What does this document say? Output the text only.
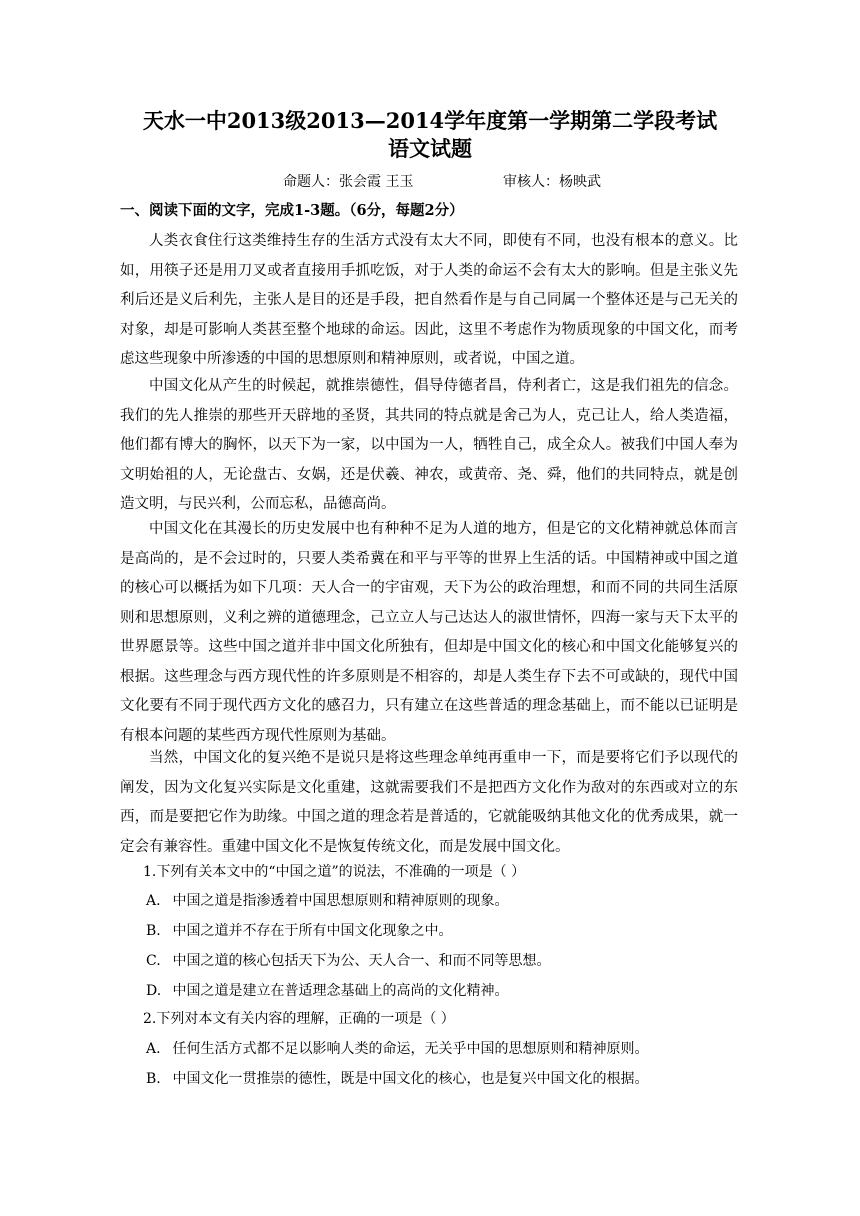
天水一中2013级2013—2014学年度第一学期第二学段考试
语文试题
命题人：张会霞 王玉	审核人：杨映武
一、阅读下面的文字，完成1-3题。（6分，每题2分）

人类衣食住行这类维持生存的生活方式没有太大不同，即使有不同，也没有根本的意义。比如，用筷子还是用刀叉或者直接用手抓吃饭，对于人类的命运不会有太大的影响。但是主张义先利后还是义后利先，主张人是目的还是手段，把自然看作是与自己同属一个整体还是与己无关的对象，却是可影响人类甚至整个地球的命运。因此，这里不考虑作为物质现象的中国文化，而考虑这些现象中所渗透的中国的思想原则和精神原则，或者说，中国之道。

中国文化从产生的时候起，就推崇德性，倡导侍德者昌，侍利者亡，这是我们祖先的信念。我们的先人推崇的那些开天辟地的圣贤，其共同的特点就是舍己为人，克己让人，给人类造福，他们都有博大的胸怀，以天下为一家，以中国为一人，牺牲自己，成全众人。被我们中国人奉为文明始祖的人，无论盘古、女娲，还是伏羲、神农，或黄帝、尧、舜，他们的共同特点，就是创造文明，与民兴利，公而忘私，品德高尚。

中国文化在其漫长的历史发展中也有种种不足为人道的地方，但是它的文化精神就总体而言是高尚的，是不会过时的，只要人类希冀在和平与平等的世界上生活的话。中国精神或中国之道的核心可以概括为如下几项：天人合一的宇宙观，天下为公的政治理想，和而不同的共同生活原则和思想原则，义利之辨的道德理念，己立立人与己达达人的淑世情怀，四海一家与天下太平的世界愿景等。这些中国之道并非中国文化所独有，但却是中国文化的核心和中国文化能够复兴的根据。这些理念与西方现代性的许多原则是不相容的，却是人类生存下去不可或缺的，现代中国文化要有不同于现代西方文化的感召力，只有建立在这些普适的理念基础上，而不能以已证明是有根本问题的某些西方现代性原则为基础。

当然，中国文化的复兴绝不是说只是将这些理念单纯再重申一下，而是要将它们予以现代的阐发，因为文化复兴实际是文化重建，这就需要我们不是把西方文化作为敌对的东西或对立的东西，而是要把它作为助缘。中国之道的理念若是普适的，它就能吸纳其他文化的优秀成果，就一定会有兼容性。重建中国文化不是恢复传统文化，而是发展中国文化。

1.下列有关本文中的“中国之道”的说法，不准确的一项是（ ）
A. 中国之道是指渗透着中国思想原则和精神原则的现象。
B. 中国之道并不存在于所有中国文化现象之中。
C. 中国之道的核心包括天下为公、天人合一、和而不同等思想。
D. 中国之道是建立在普适理念基础上的高尚的文化精神。
2.下列对本文有关内容的理解，正确的一项是（ ）
A. 任何生活方式都不足以影响人类的命运，无关乎中国的思想原则和精神原则。
B. 中国文化一贯推崇的德性，既是中国文化的核心，也是复兴中国文化的根据。
